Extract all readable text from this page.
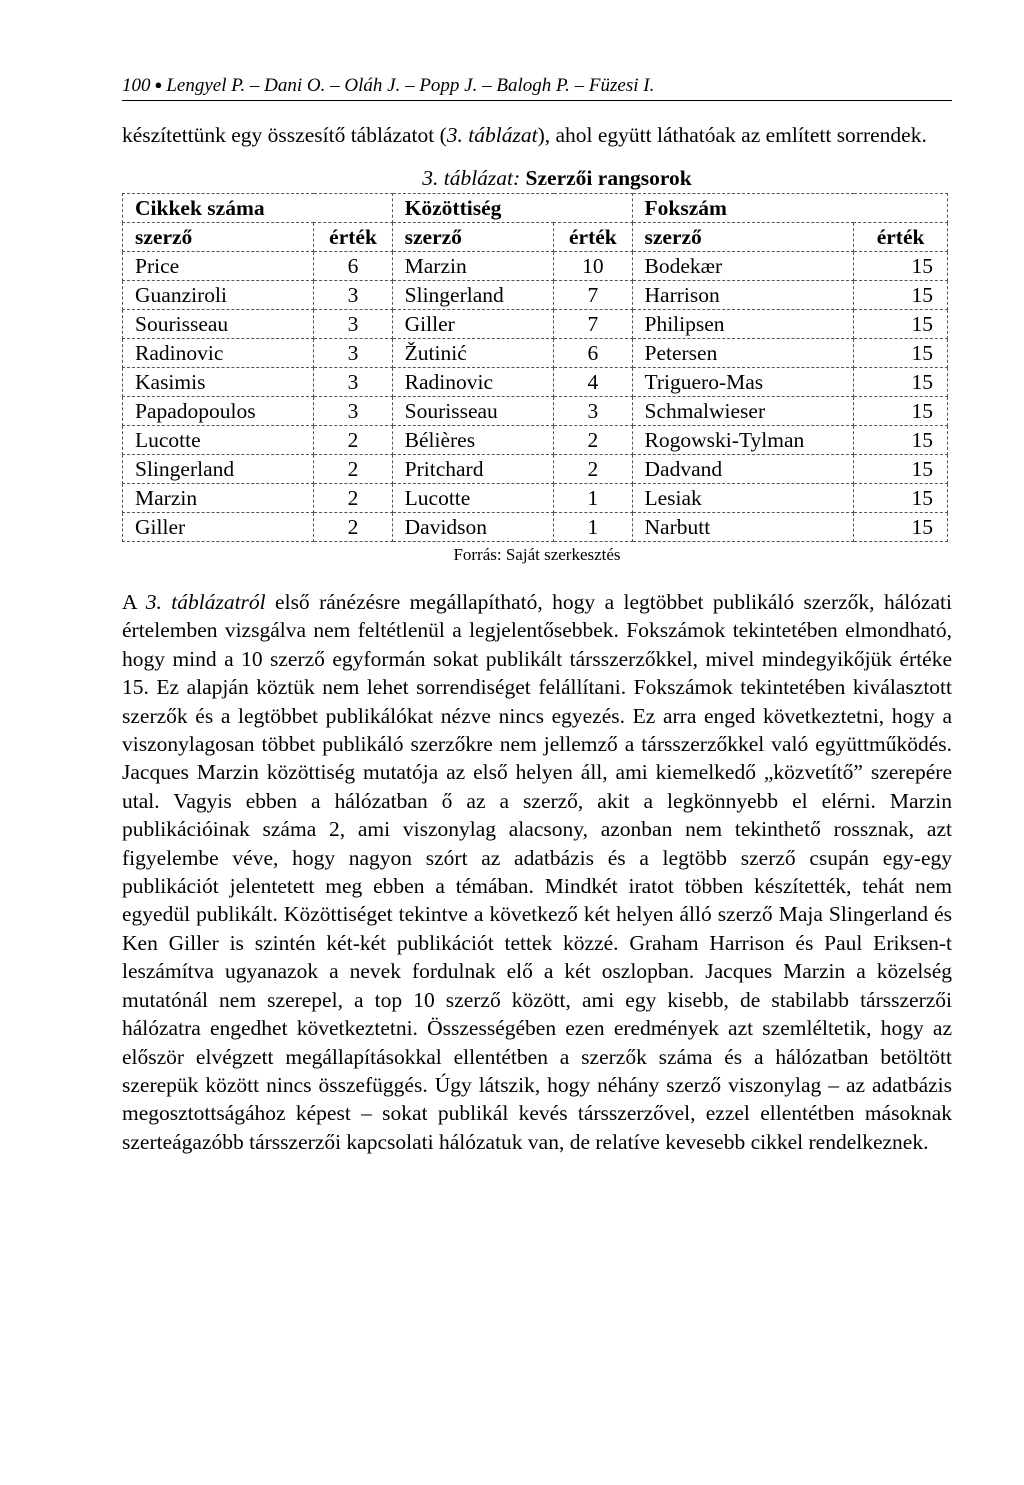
100 ● Lengyel P. – Dani O. – Oláh J. – Popp J. – Balogh P. – Füzesi I.

készítettünk egy összesítő táblázatot (3. táblázat), ahol együtt láthatóak az említett sorrendek.

3. táblázat: Szerzői rangsorok
Cikkek száma		Közöttiség		Fokszám	
szerző	érték	szerző	érték	szerző	érték
Price	6	Marzin	10	Bodekær	15
Guanziroli	3	Slingerland	7	Harrison	15
Sourisseau	3	Giller	7	Philipsen	15
Radinovic	3	Žutinić	6	Petersen	15
Kasimis	3	Radinovic	4	Triguero-Mas	15
Papadopoulos	3	Sourisseau	3	Schmalwieser	15
Lucotte	2	Bélières	2	Rogowski-Tylman	15
Slingerland	2	Pritchard	2	Dadvand	15
Marzin	2	Lucotte	1	Lesiak	15
Giller	2	Davidson	1	Narbutt	15
Forrás: Saját szerkesztés

A 3. táblázatról első ránézésre megállapítható, hogy a legtöbbet publikáló szerzők, hálózati értelemben vizsgálva nem feltétlenül a legjelentősebbek. Fokszámok tekintetében elmondható, hogy mind a 10 szerző egyformán sokat publikált társszerzőkkel, mivel mindegyikőjük értéke 15. Ez alapján köztük nem lehet sorrendiséget felállítani. Fokszámok tekintetében kiválasztott szerzők és a legtöbbet publikálókat nézve nincs egyezés. Ez arra enged következtetni, hogy a viszonylagosan többet publikáló szerzőkre nem jellemző a társszerzőkkel való együttműködés. Jacques Marzin közöttiség mutatója az első helyen áll, ami kiemelkedő „közvetítő” szerepére utal. Vagyis ebben a hálózatban ő az a szerző, akit a legkönnyebb el elérni. Marzin publikációinak száma 2, ami viszonylag alacsony, azonban nem tekinthető rossznak, azt figyelembe véve, hogy nagyon szórt az adatbázis és a legtöbb szerző csupán egy-egy publikációt jelentetett meg ebben a témában. Mindkét iratot többen készítették, tehát nem egyedül publikált. Közöttiséget tekintve a következő két helyen álló szerző Maja Slingerland és Ken Giller is szintén két-két publikációt tettek közzé. Graham Harrison és Paul Eriksen-t leszámítva ugyanazok a nevek fordulnak elő a két oszlopban. Jacques Marzin a közelség mutatónál nem szerepel, a top 10 szerző között, ami egy kisebb, de stabilabb társszerzői hálózatra engedhet következtetni. Összességében ezen eredmények azt szemléltetik, hogy az először elvégzett megállapításokkal ellentétben a szerzők száma és a hálózatban betöltött szerepük között nincs összefüggés. Úgy látszik, hogy néhány szerző viszonylag – az adatbázis megosztottságához képest – sokat publikál kevés társszerzővel, ezzel ellentétben másoknak szerteágazóbb társszerzői kapcsolati hálózatuk van, de relatíve kevesebb cikkel rendelkeznek.
